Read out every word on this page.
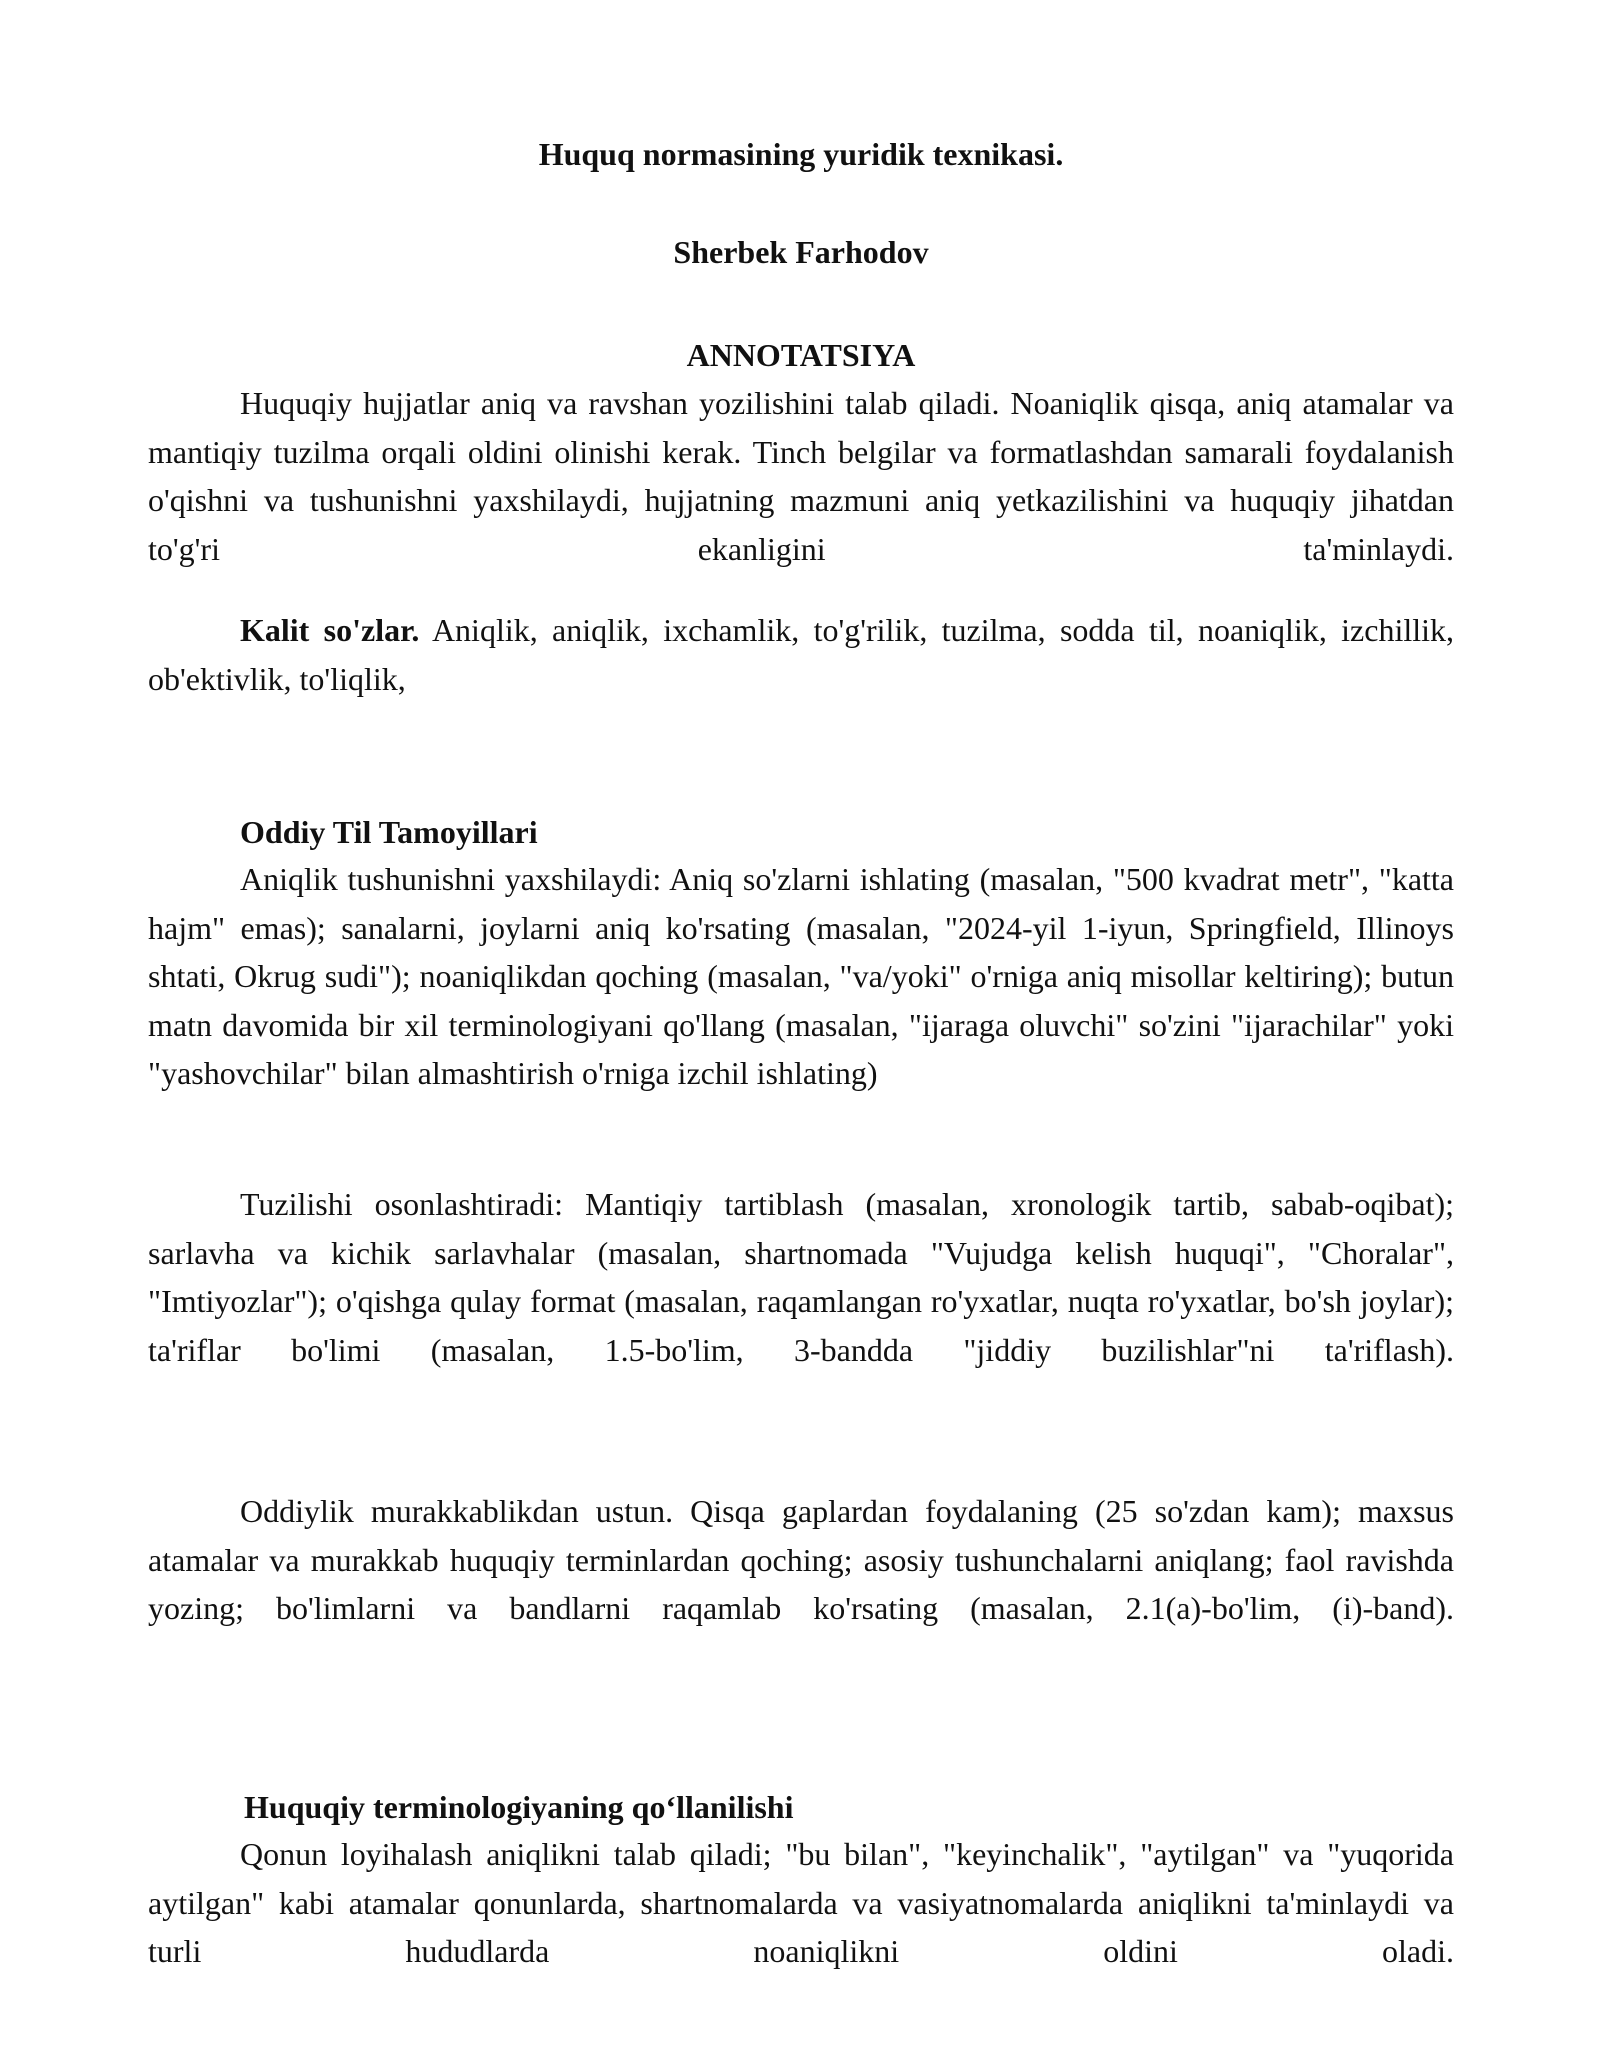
Huquq normasining yuridik texnikasi.
Sherbek Farhodov
ANNOTATSIYA

Huquqiy hujjatlar aniq va ravshan yozilishini talab qiladi. Noaniqlik qisqa, aniq atamalar va mantiqiy tuzilma orqali oldini olinishi kerak. Tinch belgilar va formatlashdan samarali foydalanish o'qishni va tushunishni yaxshilaydi, hujjatning mazmuni aniq yetkazilishini va huquqiy jihatdan to'g'ri ekanligini ta'minlaydi.

Kalit so'zlar. Aniqlik, aniqlik, ixchamlik, to'g'rilik, tuzilma, sodda til, noaniqlik, izchillik, ob'ektivlik, to'liqlik,

Oddiy Til Tamoyillari

Aniqlik tushunishni yaxshilaydi: Aniq so'zlarni ishlating (masalan, "500 kvadrat metr", "katta hajm" emas); sanalarni, joylarni aniq ko'rsating (masalan, "2024-yil 1-iyun, Springfield, Illinoys shtati, Okrug sudi"); noaniqlikdan qoching (masalan, "va/yoki" o'rniga aniq misollar keltiring); butun matn davomida bir xil terminologiyani qo'llang (masalan, "ijaraga oluvchi" so'zini "ijarachilar" yoki "yashovchilar" bilan almashtirish o'rniga izchil ishlating)

Tuzilishi osonlashtiradi: Mantiqiy tartiblash (masalan, xronologik tartib, sabab-oqibat); sarlavha va kichik sarlavhalar (masalan, shartnomada "Vujudga kelish huquqi", "Choralar", "Imtiyozlar"); o'qishga qulay format (masalan, raqamlangan ro'yxatlar, nuqta ro'yxatlar, bo'sh joylar); ta'riflar bo'limi (masalan, 1.5-bo'lim, 3-bandda "jiddiy buzilishlar"ni ta'riflash).

Oddiylik murakkablikdan ustun. Qisqa gaplardan foydalaning (25 so'zdan kam); maxsus atamalar va murakkab huquqiy terminlardan qoching; asosiy tushunchalarni aniqlang; faol ravishda yozing; bo'limlarni va bandlarni raqamlab ko'rsating (masalan, 2.1(a)-bo'lim, (i)-band).

Huquqiy terminologiyaning qo‘llanilishi

Qonun loyihalash aniqlikni talab qiladi; "bu bilan", "keyinchalik", "aytilgan" va "yuqorida aytilgan" kabi atamalar qonunlarda, shartnomalarda va vasiyatnomalarda aniqlikni ta'minlaydi va turli hududlarda noaniqlikni oldini oladi.
